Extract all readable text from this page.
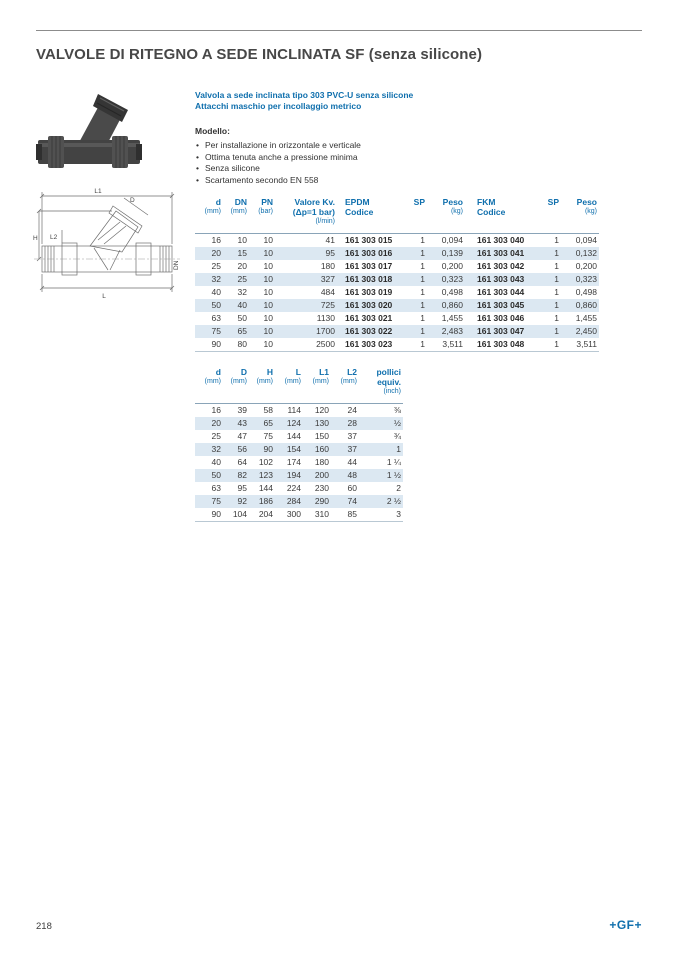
VALVOLE DI RITEGNO A SEDE INCLINATA SF (senza silicone)
L1
D
H L2
DN
L
Valvola a sede inclinata tipo 303 PVC-U senza silicone
Attacchi maschio per incollaggio metrico
Modello:
• Per installazione in orizzontale e verticale
• Ottima tenuta anche a pressione minima
• Senza silicone
• Scartamento secondo EN 558
d
(mm)

DN
(mm)

PN
(bar)

Valore Kv.
(Δp=1 bar)
(l/min)

EPDM
Codice

SP	Peso
(kg)

FKM
Codice

SP	Peso
(kg)

16	10	10	41	161 303 015	1	0,094	161 303 040	1	0,094
20	15	10	95	161 303 016	1	0,139	161 303 041	1	0,132
25	20	10	180	161 303 017	1	0,200	161 303 042	1	0,200
32	25	10	327	161 303 018	1	0,323	161 303 043	1	0,323
40	32	10	484	161 303 019	1	0,498	161 303 044	1	0,498
50	40	10	725	161 303 020	1	0,860	161 303 045	1	0,860
63	50	10	1130	161 303 021	1	1,455	161 303 046	1	1,455
75	65	10	1700	161 303 022	1	2,483	161 303 047	1	2,450
90	80	10	2500	161 303 023	1	3,511	161 303 048	1	3,511
d
(mm)

D
(mm)

H
(mm)

L
(mm)

L1
(mm)

L2
(mm)

pollici
equiv.
(inch)

16	39	58	114	120	24	⅜
20	43	65	124	130	28	½
25	47	75	144	150	37	¾
32	56	90	154	160	37	1
40	64	102	174	180	44	1 ¼
50	82	123	194	200	48	1 ½
63	95	144	224	230	60	2
75	92	186	284	290	74	2 ½
90	104	204	300	310	85	3
218	+GF+
